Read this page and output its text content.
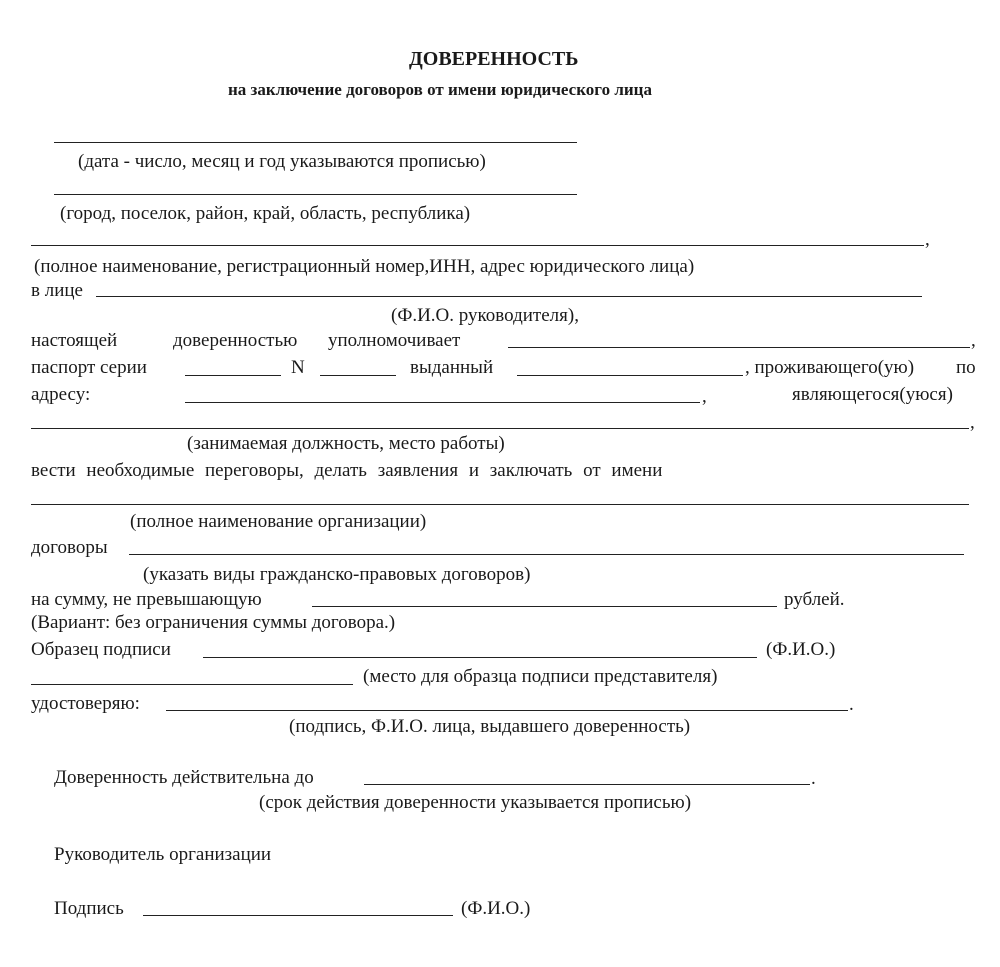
ДОВЕРЕННОСТЬ
на заключение договоров от имени юридического лица
(дата - число, месяц и год указываются прописью)
(город, поселок, район, край, область, республика)
,
(полное наименование, регистрационный номер,ИНН, адрес юридического лица)
в лице
(Ф.И.О. руководителя),
настоящей	доверенностью уполномочивает	,
паспорт серии	N	выданный	, проживающего(ую) по
адресу:	,	являющегося(уюся)
,
(занимаемая должность, место работы)
вести необходимые переговоры, делать заявления и заключать от имени
(полное наименование организации)
договоры
(указать виды гражданско-правовых договоров)
на сумму, не превышающую	рублей.
(Вариант: без ограничения суммы договора.)
Образец подписи	(Ф.И.О.)
(место для образца подписи представителя)
удостоверяю:	.
(подпись, Ф.И.О. лица, выдавшего доверенность)
Доверенность действительна до	.
(срок действия доверенности указывается прописью)
Руководитель организации
Подпись	(Ф.И.О.)
